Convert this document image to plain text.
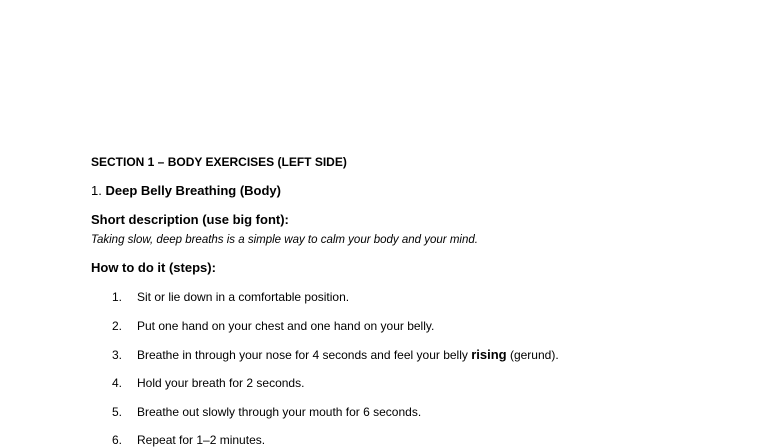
SECTION 1 – BODY EXERCISES (LEFT SIDE)
1. Deep Belly Breathing (Body)
Short description (use big font):
Taking slow, deep breaths is a simple way to calm your body and your mind.
How to do it (steps):
1. Sit or lie down in a comfortable position.
2. Put one hand on your chest and one hand on your belly.
3. Breathe in through your nose for 4 seconds and feel your belly rising (gerund).
4. Hold your breath for 2 seconds.
5. Breathe out slowly through your mouth for 6 seconds.
6. Repeat for 1–2 minutes.
